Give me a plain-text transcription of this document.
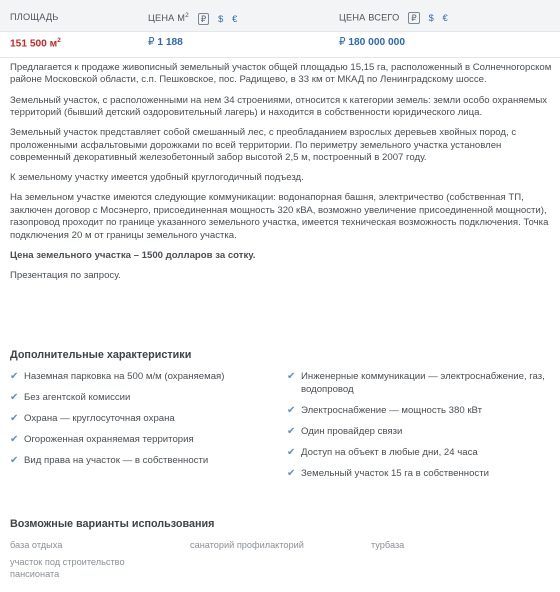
ПЛОЩАДЬ	ЦЕНА $М^2$ ₽ $ €	ЦЕНА ВСЕГО ₽ $ €
151 500 $м^2$	₽ 1 188	₽ 180 000 000

Предлагается к продаже живописный земельный участок общей площадью 15,15 га, расположенный в Солнечногорском районе Московской области, с.п. Пешковское, пос. Радищево, в 33 км от МКАД по Ленинградскому шоссе.

Земельный участок, с расположенными на нем 34 строениями, относится к категории земель: земли особо охраняемых территорий (бывший детский оздоровительный лагерь) и находится в собственности юридического лица.

Земельный участок представляет собой смешанный лес, с преобладанием взрослых деревьев хвойных пород, с проложенными асфальтовыми дорожками по всей территории. По периметру земельного участка установлен современный декоративный железобетонный забор высотой 2,5 м, построенный в 2007 году.

К земельному участку имеется удобный круглогодичный подъезд.

На земельном участке имеются следующие коммуникации: водонапорная башня, электричество (собственная ТП, заключен договор с Мосэнерго, присоединенная мощность 320 кВА, возможно увеличение присоединенной мощности), газопровод проходит по границе указанного земельного участка, имеется техническая возможность подключения. Точка подключения 20 м от границы земельного участка.

Цена земельного участка – 1500 долларов за сотку.

Презентация по запросу.

Дополнительные характеристики
✔ Наземная парковка на 500 м/м (охраняемая)
✔ Без агентской комиссии
✔ Охрана — круглосуточная охрана
✔ Огороженная охраняемая территория
✔ Вид права на участок — в собственности
✔ Инженерные коммуникации — электроснабжение, газ, водопровод
✔ Электроснабжение — мощность 380 кВт
✔ Один провайдер связи
✔ Доступ на объект в любые дни, 24 часа
✔ Земельный участок 15 га в собственности
Возможные варианты использования
база отдыха	санаторий профилакторий	турбаза
участок под строительство пансионата
